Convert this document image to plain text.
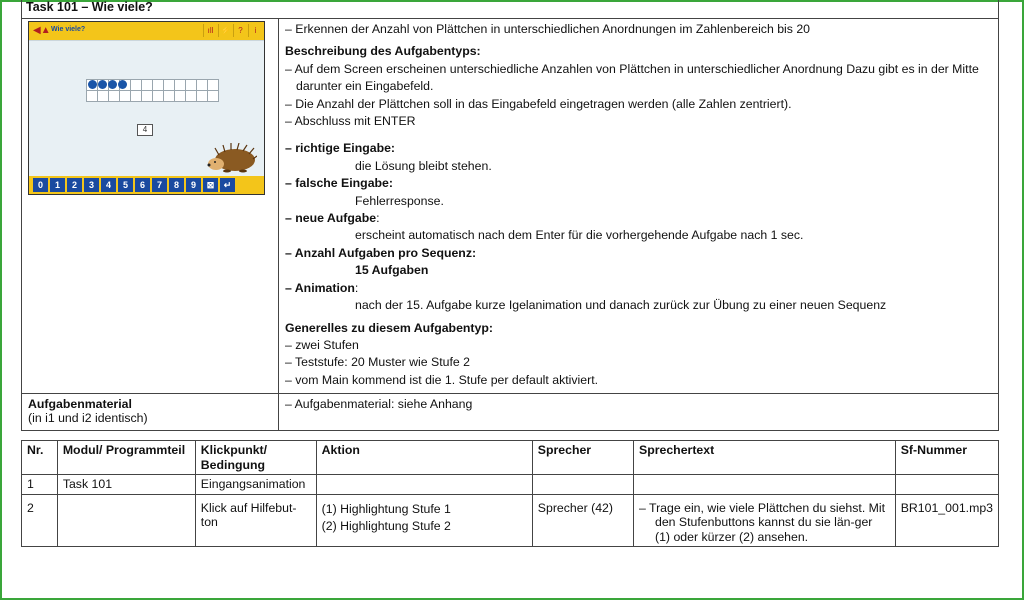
Task 101 – Wie viele?

◀▲ Wie viele?	ıll ⚡ ?	i

4
0	1	2	3	4	5	6	7	8	9	⊠	↵

– Erkennen der Anzahl von Plättchen in unterschiedlichen Anordnungen im Zahlenbereich bis 20
Beschreibung des Aufgabentyps:
– Auf dem Screen erscheinen unterschiedliche Anzahlen von Plättchen in unterschiedlicher Anordnung Dazu gibt es in der Mitte darunter ein Eingabefeld.
– Die Anzahl der Plättchen soll in das Eingabefeld eingetragen werden (alle Zahlen zentriert).
– Abschluss mit ENTER
– richtige Eingabe:
die Lösung bleibt stehen.
– falsche Eingabe:
Fehlerresponse.
– neue Aufgabe:
erscheint automatisch nach dem Enter für die vorhergehende Aufgabe nach 1 sec.
– Anzahl Aufgaben pro Sequenz:
15 Aufgaben
– Animation:
nach der 15. Aufgabe kurze Igelanimation und danach zurück zur Übung zu einer neuen Sequenz
Generelles zu diesem Aufgabentyp:
– zwei Stufen
– Teststufe: 20 Muster wie Stufe 2
– vom Main kommend ist die 1. Stufe per default aktiviert.

Aufgabenmaterial
(in i1 und i2 identisch)	– Aufgabenmaterial: siehe Anhang
Nr.	Modul/ Programmteil	Klickpunkt/ Bedingung	Aktion	Sprecher	Sprechertext	Sf-Nummer
1	Task 101	Eingangsanimation				
2		Klick auf Hilfebut-ton	(1) Highlightung Stufe 1
(2) Highlightung Stufe 2	Sprecher (42)	– Trage ein, wie viele Plättchen du siehst. Mit den Stufenbuttons kannst du sie län-ger (1) oder kürzer (2) ansehen.	BR101_001.mp3
